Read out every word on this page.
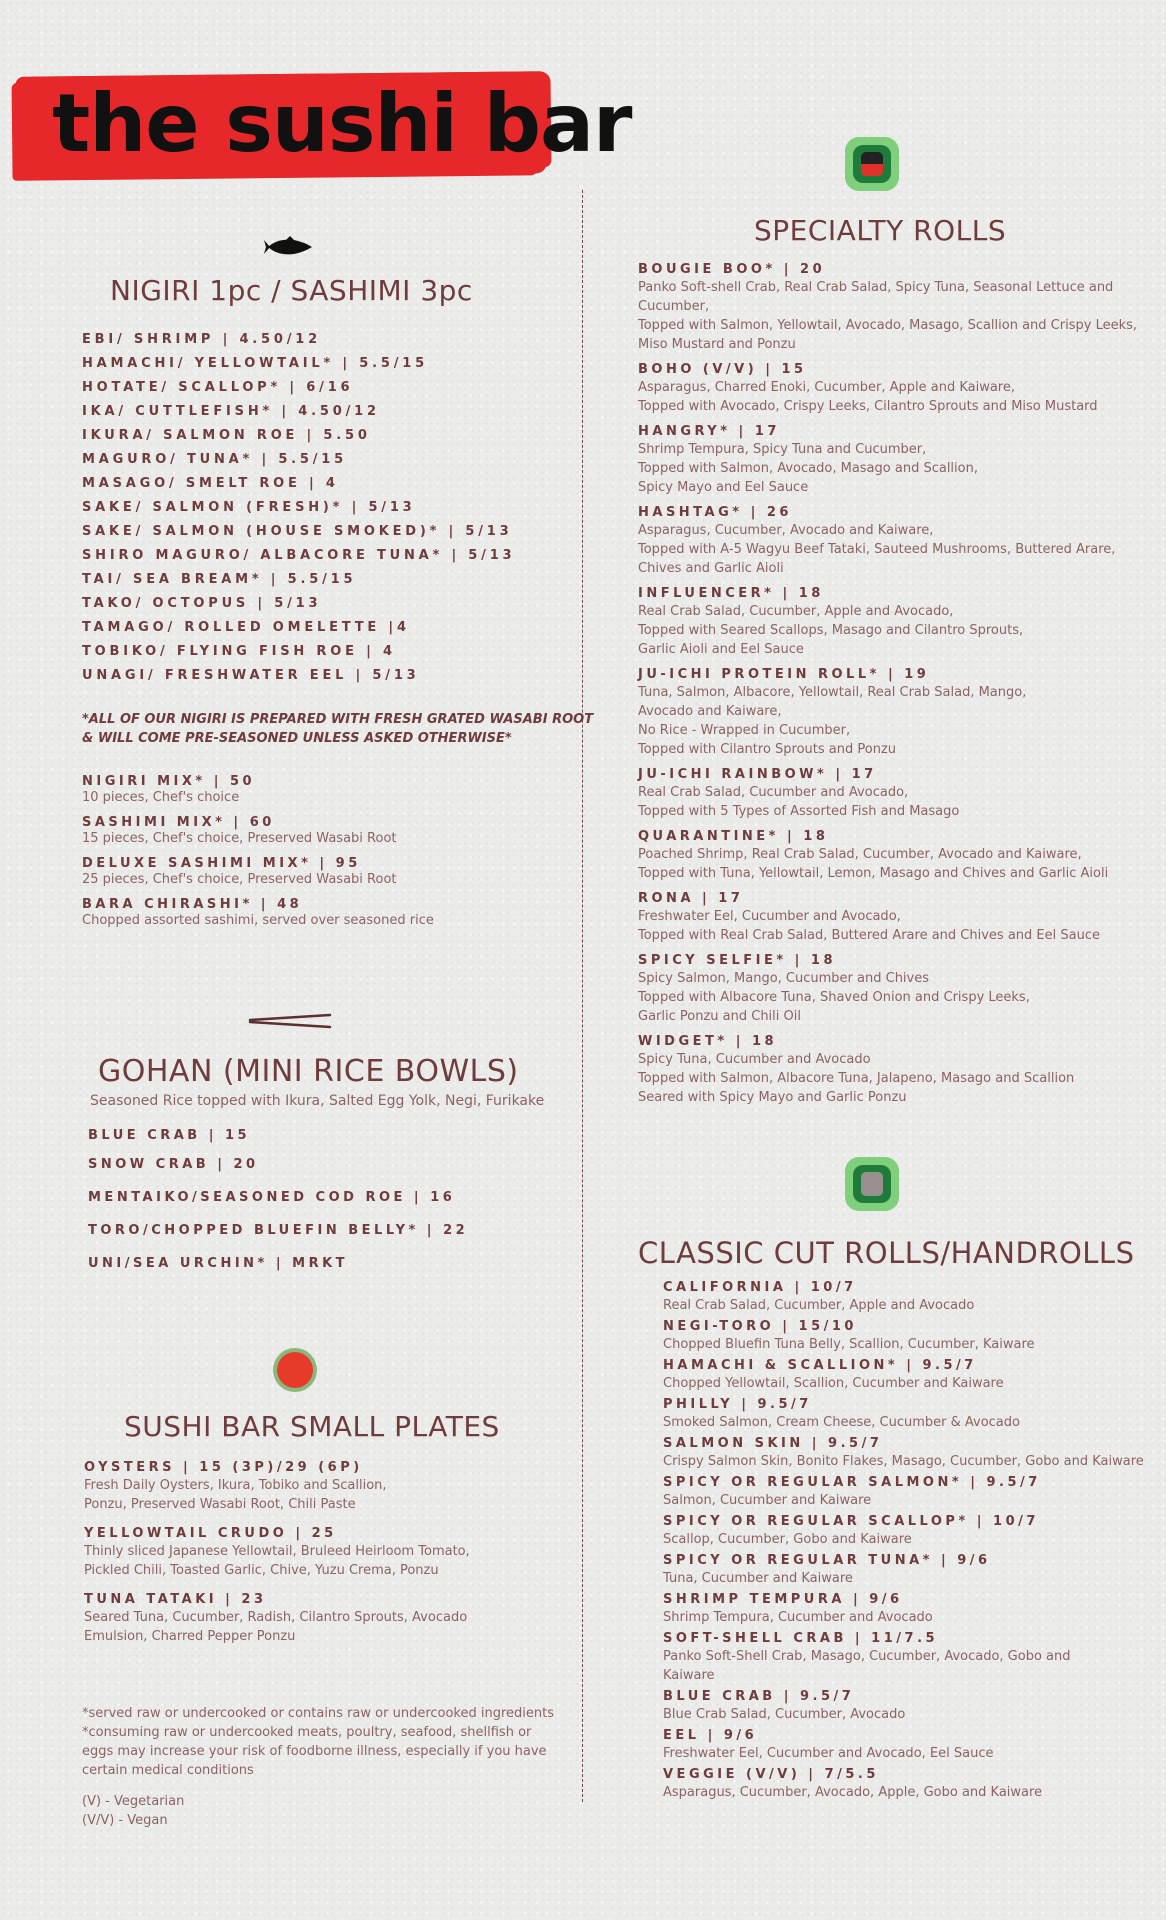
the sushi bar
NIGIRI 1pc / SASHIMI 3pc
EBI/ SHRIMP | 4.50/12
HAMACHI/ YELLOWTAIL* | 5.5/15
HOTATE/ SCALLOP* | 6/16
IKA/ CUTTLEFISH* | 4.50/12
IKURA/ SALMON ROE | 5.50
MAGURO/ TUNA* | 5.5/15
MASAGO/ SMELT ROE | 4
SAKE/ SALMON (FRESH)* | 5/13
SAKE/ SALMON (HOUSE SMOKED)* | 5/13
SHIRO MAGURO/ ALBACORE TUNA* | 5/13
TAI/ SEA BREAM* | 5.5/15
TAKO/ OCTOPUS | 5/13
TAMAGO/ ROLLED OMELETTE |4
TOBIKO/ FLYING FISH ROE | 4
UNAGI/ FRESHWATER EEL | 5/13
*ALL OF OUR NIGIRI IS PREPARED WITH FRESH GRATED WASABI ROOT
& WILL COME PRE-SEASONED UNLESS ASKED OTHERWISE*
NIGIRI MIX* | 50
10 pieces, Chef's choice
SASHIMI MIX* | 60
15 pieces, Chef's choice, Preserved Wasabi Root
DELUXE SASHIMI MIX* | 95
25 pieces, Chef's choice, Preserved Wasabi Root
BARA CHIRASHI* | 48
Chopped assorted sashimi, served over seasoned rice
GOHAN (MINI RICE BOWLS)
Seasoned Rice topped with Ikura, Salted Egg Yolk, Negi, Furikake
BLUE CRAB | 15
SNOW CRAB | 20
MENTAIKO/SEASONED COD ROE | 16
TORO/CHOPPED BLUEFIN BELLY* | 22
UNI/SEA URCHIN* | MRKT
SUSHI BAR SMALL PLATES
OYSTERS | 15 (3P)/29 (6P)
Fresh Daily Oysters, Ikura, Tobiko and Scallion,
Ponzu, Preserved Wasabi Root, Chili Paste
YELLOWTAIL CRUDO | 25
Thinly sliced Japanese Yellowtail, Bruleed Heirloom Tomato,
Pickled Chili, Toasted Garlic, Chive, Yuzu Crema, Ponzu
TUNA TATAKI | 23
Seared Tuna, Cucumber, Radish, Cilantro Sprouts, Avocado
Emulsion, Charred Pepper Ponzu
*served raw or undercooked or contains raw or undercooked ingredients
*consuming raw or undercooked meats, poultry, seafood, shellfish or
eggs may increase your risk of foodborne illness, especially if you have
certain medical conditions
(V) - Vegetarian
(V/V) - Vegan
SPECIALTY ROLLS
BOUGIE BOO* | 20
Panko Soft-shell Crab, Real Crab Salad, Spicy Tuna, Seasonal Lettuce and
Cucumber,
Topped with Salmon, Yellowtail, Avocado, Masago, Scallion and Crispy Leeks,
Miso Mustard and Ponzu
BOHO (V/V) | 15
Asparagus, Charred Enoki, Cucumber, Apple and Kaiware,
Topped with Avocado, Crispy Leeks, Cilantro Sprouts and Miso Mustard
HANGRY* | 17
Shrimp Tempura, Spicy Tuna and Cucumber,
Topped with Salmon, Avocado, Masago and Scallion,
Spicy Mayo and Eel Sauce
HASHTAG* | 26
Asparagus, Cucumber, Avocado and Kaiware,
Topped with A-5 Wagyu Beef Tataki, Sauteed Mushrooms, Buttered Arare,
Chives and Garlic Aioli
INFLUENCER* | 18
Real Crab Salad, Cucumber, Apple and Avocado,
Topped with Seared Scallops, Masago and Cilantro Sprouts,
Garlic Aioli and Eel Sauce
JU-ICHI PROTEIN ROLL* | 19
Tuna, Salmon, Albacore, Yellowtail, Real Crab Salad, Mango,
Avocado and Kaiware,
No Rice - Wrapped in Cucumber,
Topped with Cilantro Sprouts and Ponzu
JU-ICHI RAINBOW* | 17
Real Crab Salad, Cucumber and Avocado,
Topped with 5 Types of Assorted Fish and Masago
QUARANTINE* | 18
Poached Shrimp, Real Crab Salad, Cucumber, Avocado and Kaiware,
Topped with Tuna, Yellowtail, Lemon, Masago and Chives and Garlic Aioli
RONA | 17
Freshwater Eel, Cucumber and Avocado,
Topped with Real Crab Salad, Buttered Arare and Chives and Eel Sauce
SPICY SELFIE* | 18
Spicy Salmon, Mango, Cucumber and Chives
Topped with Albacore Tuna, Shaved Onion and Crispy Leeks,
Garlic Ponzu and Chili Oil
WIDGET* | 18
Spicy Tuna, Cucumber and Avocado
Topped with Salmon, Albacore Tuna, Jalapeno, Masago and Scallion
Seared with Spicy Mayo and Garlic Ponzu
CLASSIC CUT ROLLS/HANDROLLS
CALIFORNIA | 10/7
Real Crab Salad, Cucumber, Apple and Avocado
NEGI-TORO | 15/10
Chopped Bluefin Tuna Belly, Scallion, Cucumber, Kaiware
HAMACHI & SCALLION* | 9.5/7
Chopped Yellowtail, Scallion, Cucumber and Kaiware
PHILLY | 9.5/7
Smoked Salmon, Cream Cheese, Cucumber & Avocado
SALMON SKIN | 9.5/7
Crispy Salmon Skin, Bonito Flakes, Masago, Cucumber, Gobo and Kaiware
SPICY OR REGULAR SALMON* | 9.5/7
Salmon, Cucumber and Kaiware
SPICY OR REGULAR SCALLOP* | 10/7
Scallop, Cucumber, Gobo and Kaiware
SPICY OR REGULAR TUNA* | 9/6
Tuna, Cucumber and Kaiware
SHRIMP TEMPURA | 9/6
Shrimp Tempura, Cucumber and Avocado
SOFT-SHELL CRAB | 11/7.5
Panko Soft-Shell Crab, Masago, Cucumber, Avocado, Gobo and
Kaiware
BLUE CRAB | 9.5/7
Blue Crab Salad, Cucumber, Avocado
EEL | 9/6
Freshwater Eel, Cucumber and Avocado, Eel Sauce
VEGGIE (V/V) | 7/5.5
Asparagus, Cucumber, Avocado, Apple, Gobo and Kaiware
